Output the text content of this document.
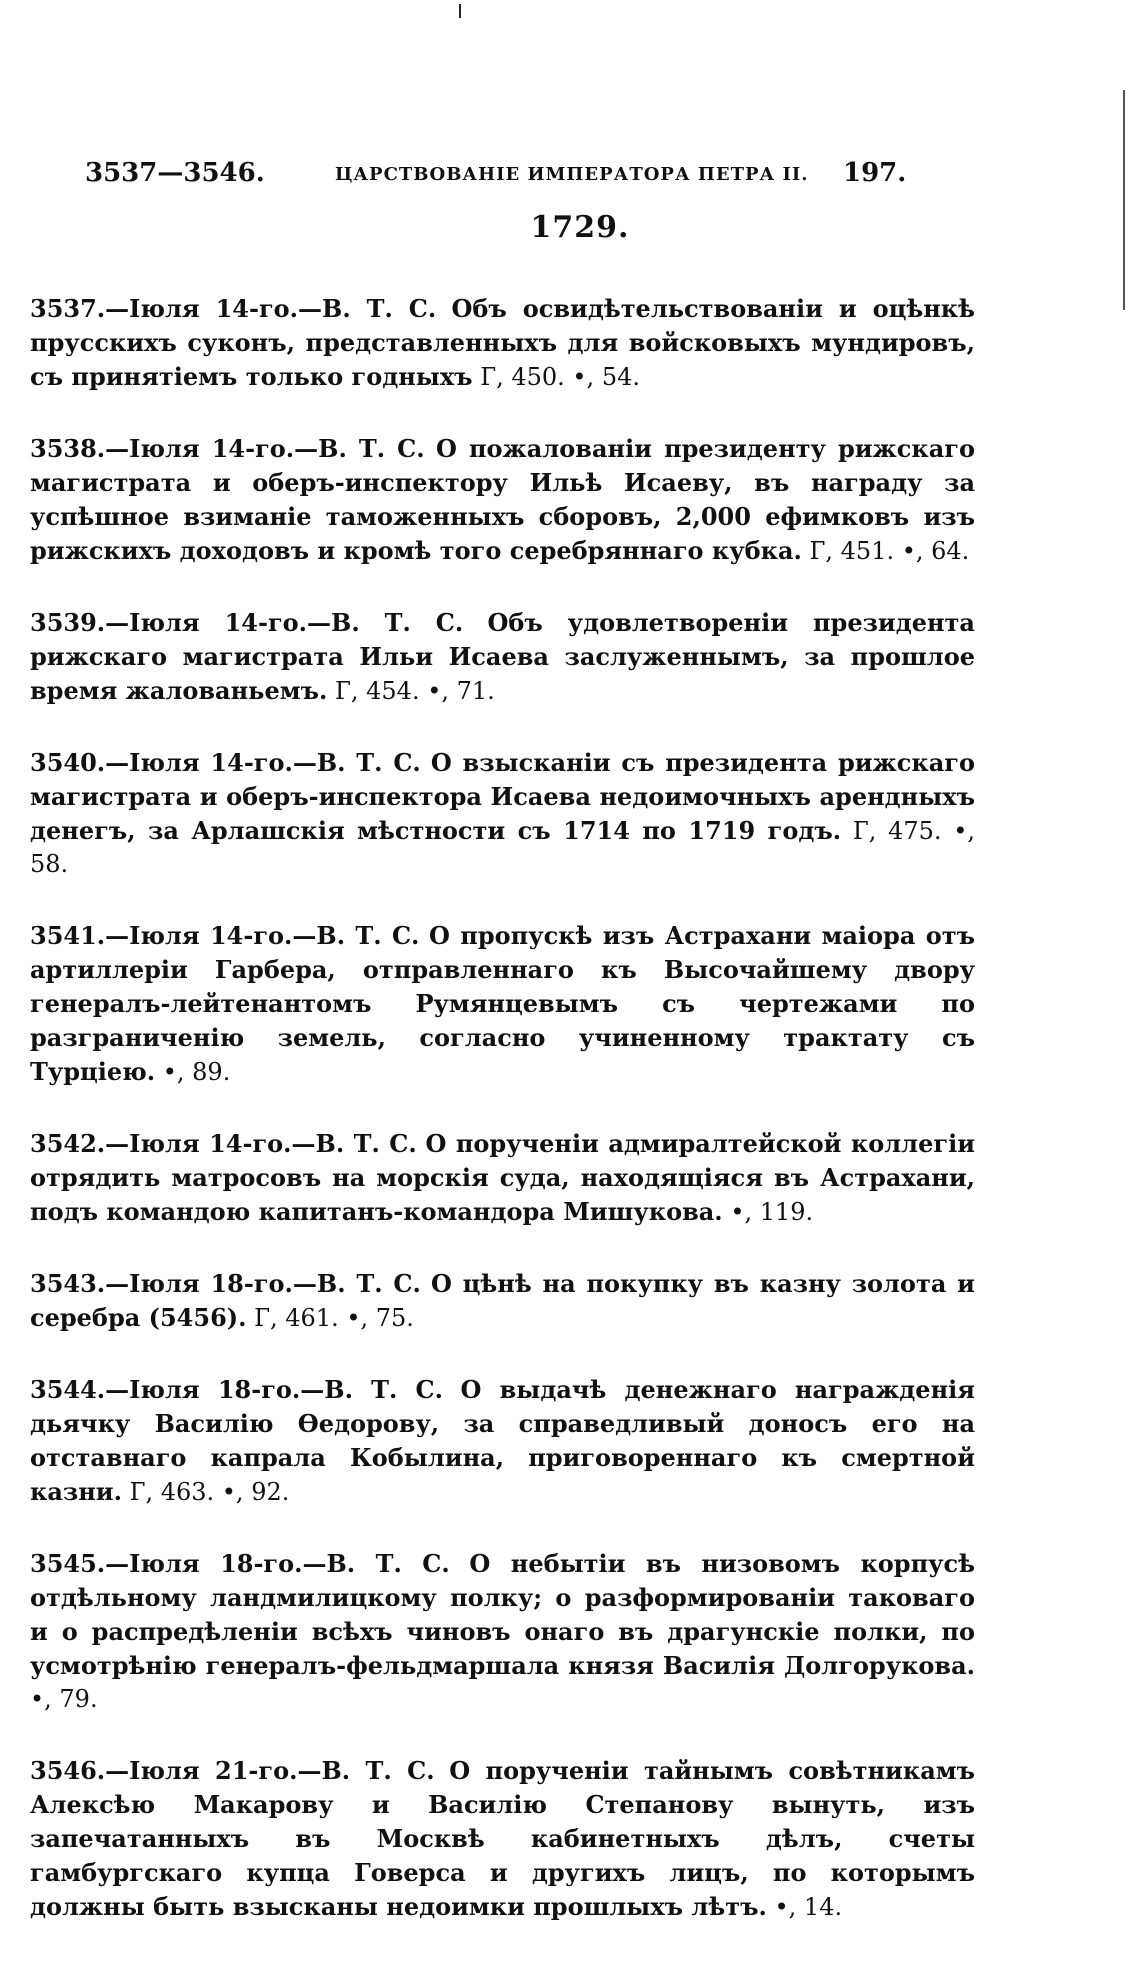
3537—3546.	ЦАРСТВОВАНІЕ ИМПЕРАТОРА ПЕТРА II. 197.
1729.

3537.—Іюля 14-го.—В. Т. С. Объ освидѣтельствованіи и оцѣнкѣ прусскихъ суконъ, представленныхъ для войсковыхъ мундировъ, съ принятіемъ только годныхъ Г, 450. •, 54.

3538.—Іюля 14-го.—В. Т. С. О пожалованіи президенту рижскаго магистрата и оберъ-инспектору Ильѣ Исаеву, въ награду за успѣшное взиманіе таможенныхъ сборовъ, 2,000 ефимковъ изъ рижскихъ доходовъ и кромѣ того серебряннаго кубка. Г, 451. •, 64.

3539.—Іюля 14-го.—В. Т. С. Объ удовлетвореніи президента рижскаго магистрата Ильи Исаева заслуженнымъ, за прошлое время жалованьемъ. Г, 454. •, 71.

3540.—Іюля 14-го.—В. Т. С. О взысканіи съ президента рижскаго магистрата и оберъ-инспектора Исаева недоимочныхъ арендныхъ денегъ, за Арлашскія мѣстности съ 1714 по 1719 годъ. Г, 475. •, 58.

3541.—Іюля 14-го.—В. Т. С. О пропускѣ изъ Астрахани маіора отъ артиллеріи Гарбера, отправленнаго къ Высочайшему двору генералъ-лейтенантомъ Румянцевымъ съ чертежами по разграниченію земель, согласно учиненному трактату съ Турціею. •, 89.

3542.—Іюля 14-го.—В. Т. С. О порученіи адмиралтейской коллегіи отрядить матросовъ на морскія суда, находящіяся въ Астрахани, подъ командою капитанъ-командора Мишукова. •, 119.

3543.—Іюля 18-го.—В. Т. С. О цѣнѣ на покупку въ казну золота и серебра (5456). Г, 461. •, 75.

3544.—Іюля 18-го.—В. Т. С. О выдачѣ денежнаго награжденія дьячку Василію Ѳедорову, за справедливый доносъ его на отставнаго капрала Кобылина, приговореннаго къ смертной казни. Г, 463. •, 92.

3545.—Іюля 18-го.—В. Т. С. О небытіи въ низовомъ корпусѣ отдѣльному ландмилицкому полку; о разформированіи таковаго и о распредѣленіи всѣхъ чиновъ онаго въ драгунскіе полки, по усмотрѣнію генералъ-фельдмаршала князя Василія Долгорукова. •, 79.

3546.—Іюля 21-го.—В. Т. С. О порученіи тайнымъ совѣтникамъ Алексѣю Макарову и Василію Степанову вынуть, изъ запечатанныхъ въ Москвѣ кабинетныхъ дѣлъ, счеты гамбургскаго купца Говерса и другихъ лицъ, по которымъ должны быть взысканы недоимки прошлыхъ лѣтъ. •, 14.
